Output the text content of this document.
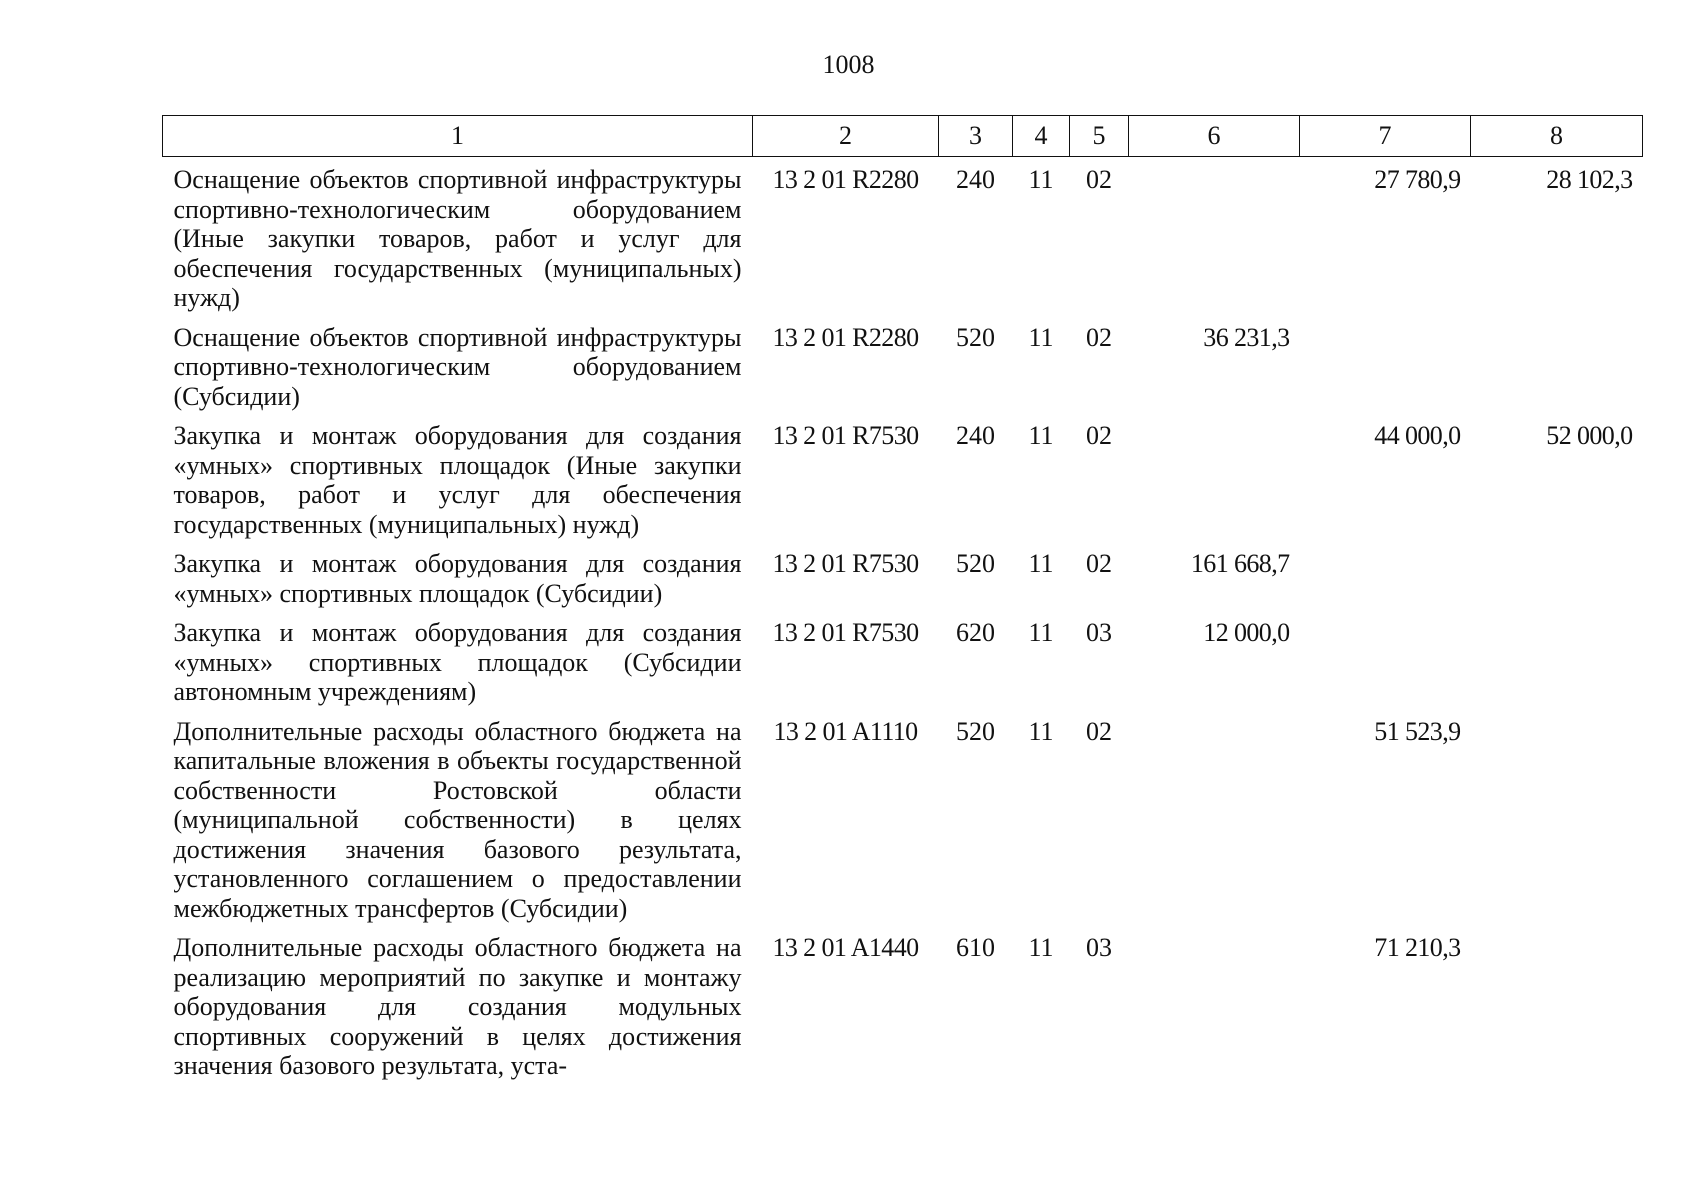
1008
1	2	3	4	5	6	7	8
Оснащение объектов спортивной инфраструктуры спортивно-технологическим оборудованием (Иные закупки товаров, работ и услуг для обеспечения государственных (муниципальных) нужд)	13 2 01 R2280	240	11	02		27 780,9	28 102,3
Оснащение объектов спортивной инфраструктуры спортивно-технологическим оборудованием (Субсидии)	13 2 01 R2280	520	11	02	36 231,3		
Закупка и монтаж оборудования для создания «умных» спортивных площадок (Иные закупки товаров, работ и услуг для обеспечения государственных (муниципальных) нужд)	13 2 01 R7530	240	11	02		44 000,0	52 000,0
Закупка и монтаж оборудования для создания «умных» спортивных площадок (Субсидии)	13 2 01 R7530	520	11	02	161 668,7		
Закупка и монтаж оборудования для создания «умных» спортивных площадок (Субсидии автономным учреждениям)	13 2 01 R7530	620	11	03	12 000,0		
Дополнительные расходы областного бюджета на капитальные вложения в объекты государственной собственности Ростовской области (муниципальной собственности) в целях достижения значения базового результата, установленного соглашением о предоставлении межбюджетных трансфертов (Субсидии)	13 2 01 A1110	520	11	02		51 523,9	
Дополнительные расходы областного бюджета на реализацию мероприятий по закупке и монтажу оборудования для создания модульных спортивных сооружений в целях достижения значения базового результата, уста-	13 2 01 A1440	610	11	03		71 210,3	
